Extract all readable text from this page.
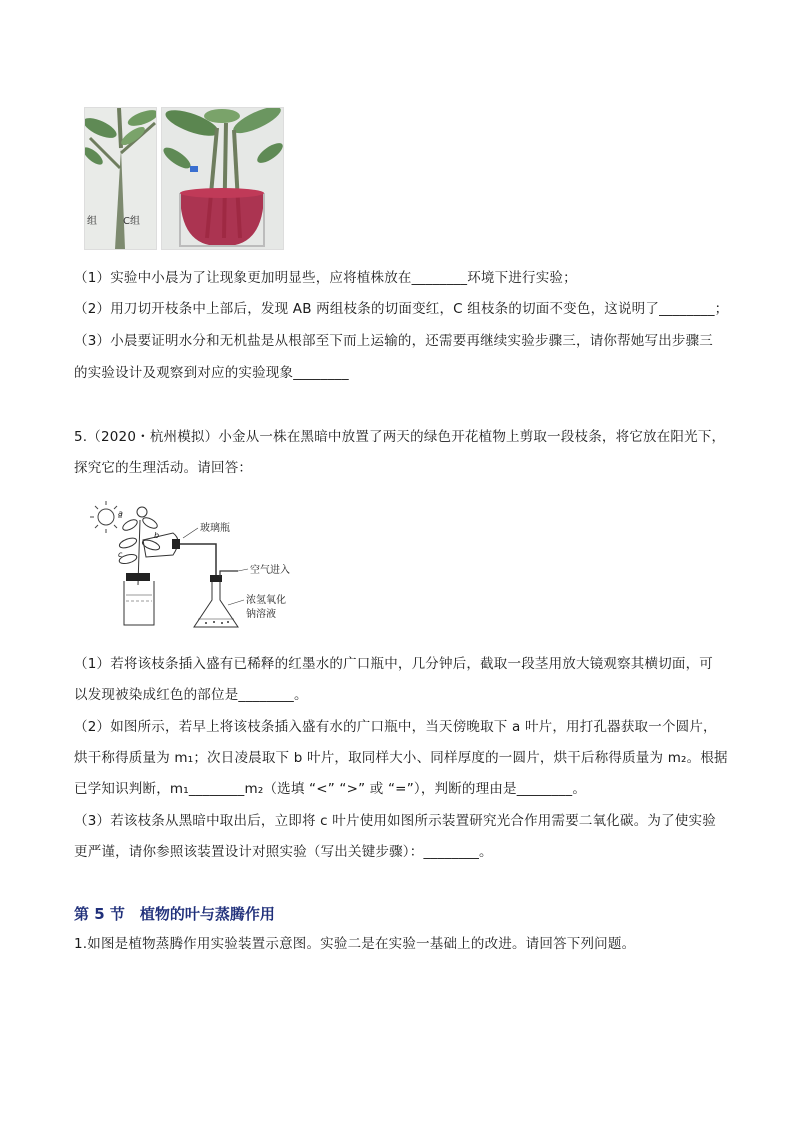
组	C组
（1）实验中小晨为了让现象更加明显些，应将植株放在________环境下进行实验；
（2）用刀切开枝条中上部后，发现 AB 两组枝条的切面变红，C 组枝条的切面不变色，这说明了________；
（3）小晨要证明水分和无机盐是从根部至下而上运输的，还需要再继续实验步骤三，请你帮她写出步骤三
的实验设计及观察到对应的实验现象________
5.（2020・杭州模拟）小金从一株在黑暗中放置了两天的绿色开花植物上剪取一段枝条，将它放在阳光下，
探究它的生理活动。请回答：
a
b
c
玻璃瓶
空气进入
浓氢氧化
钠溶液
（1）若将该枝条插入盛有已稀释的红墨水的广口瓶中，几分钟后，截取一段茎用放大镜观察其横切面，可
以发现被染成红色的部位是________。
（2）如图所示，若早上将该枝条插入盛有水的广口瓶中，当天傍晚取下 a 叶片，用打孔器获取一个圆片，
烘干称得质量为 m₁；次日凌晨取下 b 叶片，取同样大小、同样厚度的一圆片，烘干后称得质量为 m₂。根据
已学知识判断，m₁________m₂（选填 “<” “>” 或 “=”），判断的理由是________。
（3）若该枝条从黑暗中取出后，立即将 c 叶片使用如图所示装置研究光合作用需要二氧化碳。为了使实验
更严谨，请你参照该装置设计对照实验（写出关键步骤）：________。
第 5 节　植物的叶与蒸腾作用
1.如图是植物蒸腾作用实验装置示意图。实验二是在实验一基础上的改进。请回答下列问题。
